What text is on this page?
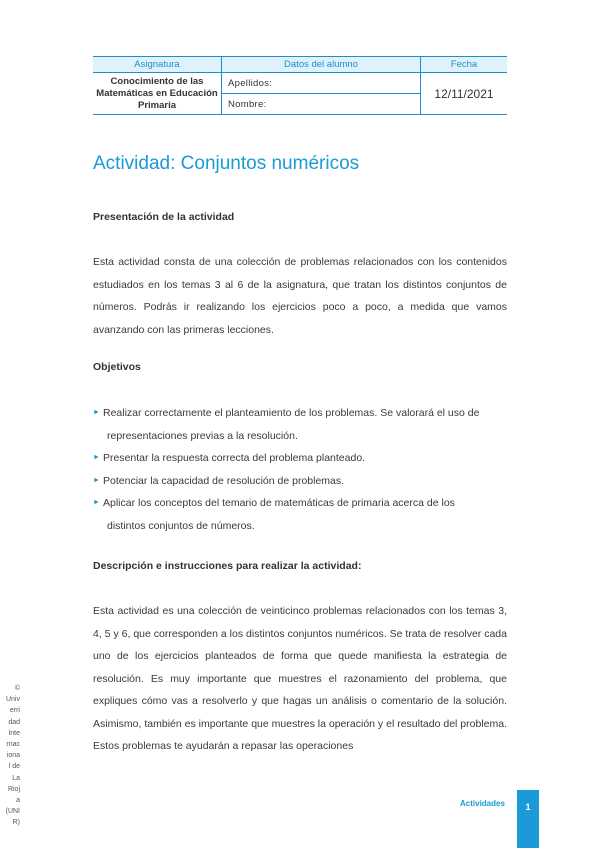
Asignatura	Datos del alumno	Fecha
Conocimiento de las Matemáticas en Educación Primaria	Apellidos:	12/11/2021
	Nombre:	
Actividad: Conjuntos numéricos
Presentación de la actividad

Esta actividad consta de una colección de problemas relacionados con los contenidos estudiados en los temas 3 al 6 de la asignatura, que tratan los distintos conjuntos de números. Podrás ir realizando los ejercicios poco a poco, a medida que vamos avanzando con las primeras lecciones.

Objetivos
► Realizar correctamente el planteamiento de los problemas. Se valorará el uso de
representaciones previas a la resolución.
► Presentar la respuesta correcta del problema planteado.
► Potenciar la capacidad de resolución de problemas.
► Aplicar los conceptos del temario de matemáticas de primaria acerca de los
distintos conjuntos de números.
Descripción e instrucciones para realizar la actividad:

Esta actividad es una colección de veinticinco problemas relacionados con los temas 3, 4, 5 y 6, que corresponden a los distintos conjuntos numéricos. Se trata de resolver cada uno de los ejercicios planteados de forma que quede manifiesta la estrategia de resolución. Es muy importante que muestres el razonamiento del problema, que expliques cómo vas a resolverlo y que hagas un análisis o comentario de la solución. Asimismo, también es importante que muestres la operación y el resultado del problema. Estos problemas te ayudarán a repasar las operaciones

©
Univ
erri
dad
Inte
rnac
iona
l de
La
Rioj
a
(UNI
R)

Actividades	1
